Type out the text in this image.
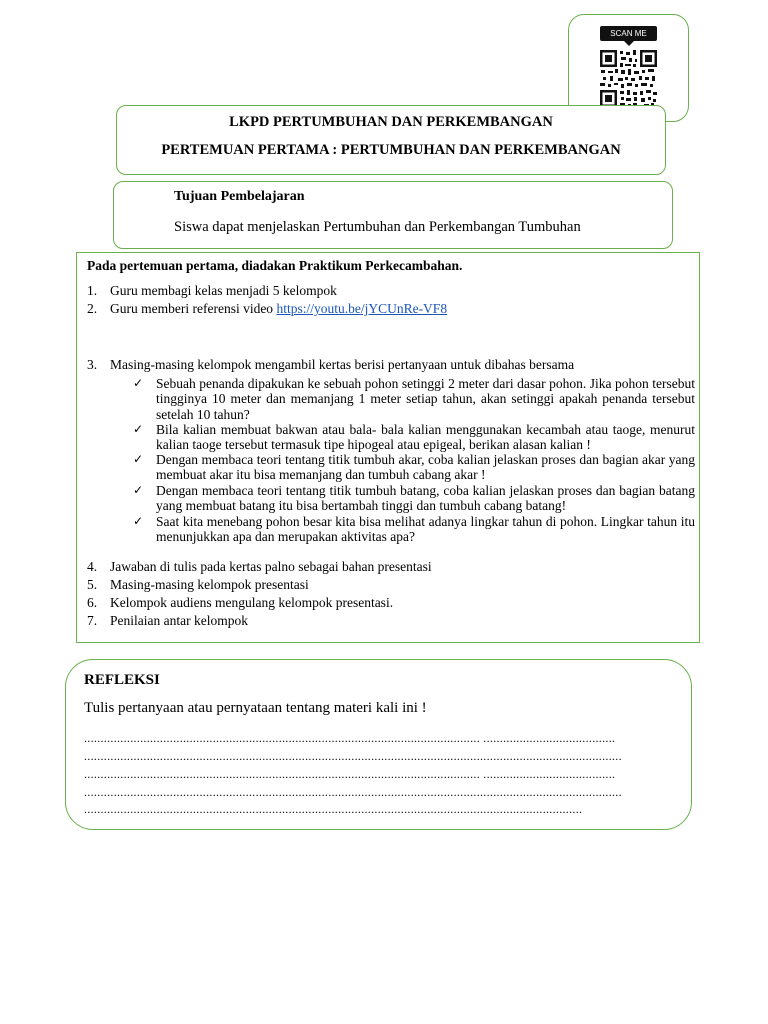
SCAN ME
LKPD PERTUMBUHAN DAN PERKEMBANGAN
PERTEMUAN PERTAMA : PERTUMBUHAN DAN PERKEMBANGAN
Tujuan Pembelajaran
Siswa dapat menjelaskan Pertumbuhan dan Perkembangan Tumbuhan
Pada pertemuan pertama, diadakan Praktikum Perkecambahan.
1. Guru membagi kelas menjadi 5 kelompok
2. Guru memberi referensi video https://youtu.be/jYCUnRe-VF8
3. Masing-masing kelompok mengambil kertas berisi pertanyaan untuk dibahas bersama
✓ Sebuah penanda dipakukan ke sebuah pohon setinggi 2 meter dari dasar pohon. Jika pohon tersebut tingginya 10 meter dan memanjang 1 meter setiap tahun, akan setinggi apakah penanda tersebut setelah 10 tahun?
✓ Bila kalian membuat bakwan atau bala- bala kalian menggunakan kecambah atau taoge, menurut kalian taoge tersebut termasuk tipe hipogeal atau epigeal, berikan alasan kalian !
✓ Dengan membaca teori tentang titik tumbuh akar, coba kalian jelaskan proses dan bagian akar yang membuat akar itu bisa memanjang dan tumbuh cabang akar !
✓ Dengan membaca teori tentang titik tumbuh batang, coba kalian jelaskan proses dan bagian batang yang membuat batang itu bisa bertambah tinggi dan tumbuh cabang batang!
✓ Saat kita menebang pohon besar kita bisa melihat adanya lingkar tahun di pohon. Lingkar tahun itu menunjukkan apa dan merupakan aktivitas apa?
4. Jawaban di tulis pada kertas palno sebagai bahan presentasi
5. Masing-masing kelompok presentasi
6. Kelompok audiens mengulang kelompok presentasi.
7. Penilaian antar kelompok
REFLEKSI
Tulis pertanyaan atau pernyataan tentang materi kali ini !
........................................................................................................................ ........................................
...................................................................................................................................................................
........................................................................................................................ ........................................
...................................................................................................................................................................
.......................................................................................................................................................
